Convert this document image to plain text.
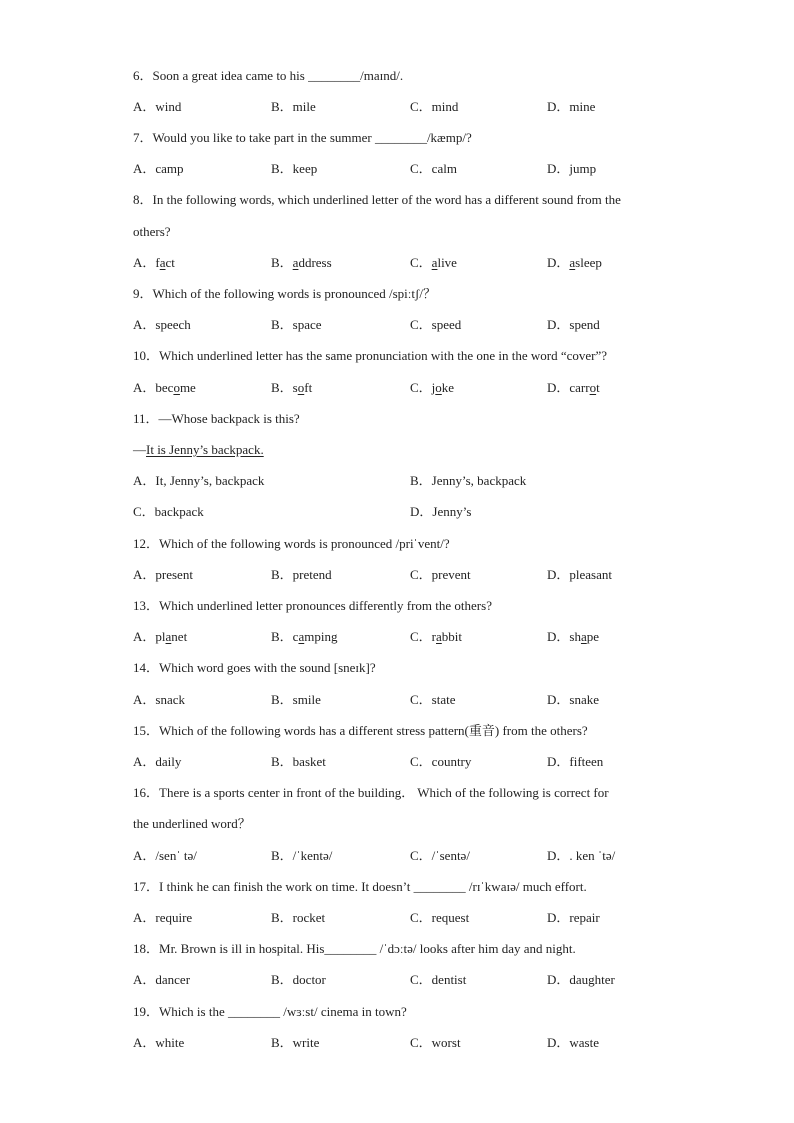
6．Soon a great idea came to his ________/maɪnd/.
A．wind	B．mile	C．mind	D．mine
7．Would you like to take part in the summer ________/kæmp/?
A．camp	B．keep	C．calm	D．jump
8．In the following words, which underlined letter of the word has a different sound from the
others?
A．fact	B．address	C．alive	D．asleep
9．Which of the following words is pronounced /spiːtʃ/？
A．speech	B．space	C．speed	D．spend
10．Which underlined letter has the same pronunciation with the one in the word “cover”?
A．become	B．soft	C．joke	D．carrot
11．—Whose backpack is this?
—It is Jenny’s backpack.
A．It, Jenny’s, backpack	B．Jenny’s, backpack
C．backpack	D．Jenny’s
12．Which of the following words is pronounced /priˈvent/?
A．present	B．pretend	C．prevent	D．pleasant
13．Which underlined letter pronounces differently from the others?
A．planet	B．camping	C．rabbit	D．shape
14．Which word goes with the sound [sneɪk]?
A．snack	B．smile	C．state	D．snake
15．Which of the following words has a different stress pattern(重音) from the others?
A．daily	B．basket	C．country	D．fifteen
16．There is a sports center in front of the building． Which of the following is correct for
the underlined word？
A．/senˈ tə/	B．/ˈkentə/	C．/ˈsentə/	D．. ken ˈtə/
17．I think he can finish the work on time. It doesn’t ________ /rɪˈkwaɪə/ much effort.
A．require	B．rocket	C．request	D．repair
18．Mr. Brown is ill in hospital. His________ /ˈdɔːtə/ looks after him day and night.
A．dancer	B．doctor	C．dentist	D．daughter
19．Which is the ________ /wɜːst/ cinema in town?
A．white	B．write	C．worst	D．waste
